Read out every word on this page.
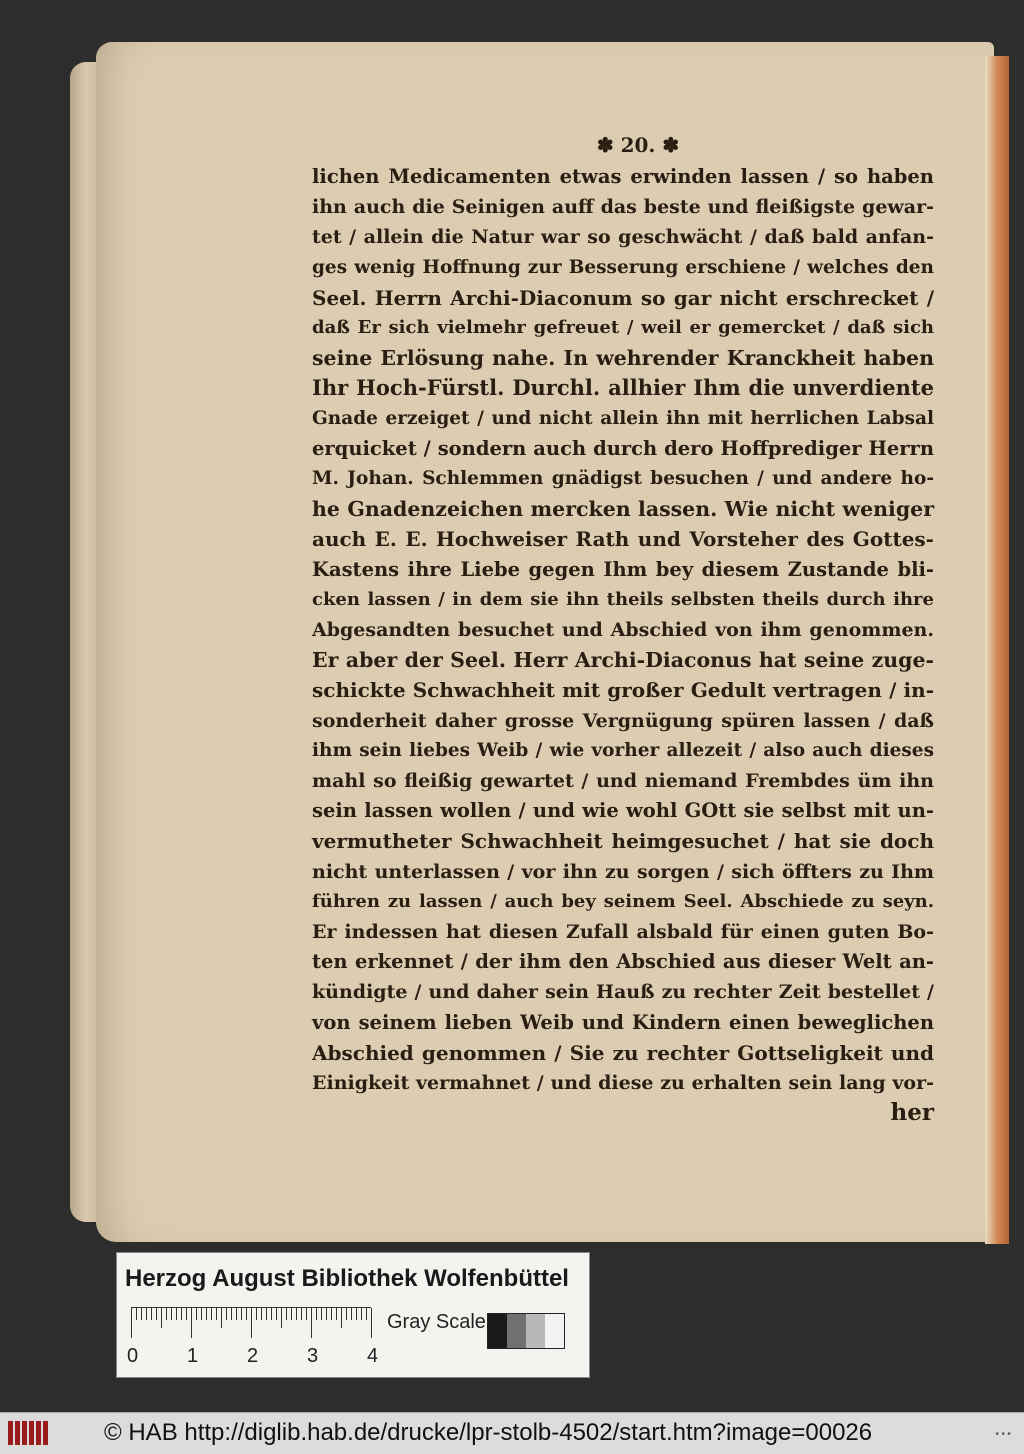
✽ 20. ✽
lichen Medicamenten etwas erwinden lassen / so haben
ihn auch die Seinigen auff das beste und fleißigste gewar-
tet / allein die Natur war so geschwächt / daß bald anfan-
ges wenig Hoffnung zur Besserung erschiene / welches den
Seel. Herrn Archi-Diaconum so gar nicht erschrecket /
daß Er sich vielmehr gefreuet / weil er gemercket / daß sich
seine Erlösung nahe. In wehrender Kranckheit haben
Ihr Hoch-Fürstl. Durchl. allhier Ihm die unverdiente
Gnade erzeiget / und nicht allein ihn mit herrlichen Labsal
erquicket / sondern auch durch dero Hoffprediger Herrn
M. Johan. Schlemmen gnädigst besuchen / und andere ho-
he Gnadenzeichen mercken lassen. Wie nicht weniger
auch E. E. Hochweiser Rath und Vorsteher des Gottes-
Kastens ihre Liebe gegen Ihm bey diesem Zustande bli-
cken lassen / in dem sie ihn theils selbsten theils durch ihre
Abgesandten besuchet und Abschied von ihm genommen.
Er aber der Seel. Herr Archi-Diaconus hat seine zuge-
schickte Schwachheit mit großer Gedult vertragen / in-
sonderheit daher grosse Vergnügung spüren lassen / daß
ihm sein liebes Weib / wie vorher allezeit / also auch dieses
mahl so fleißig gewartet / und niemand Frembdes üm ihn
sein lassen wollen / und wie wohl GOtt sie selbst mit un-
vermutheter Schwachheit heimgesuchet / hat sie doch
nicht unterlassen / vor ihn zu sorgen / sich öffters zu Ihm
führen zu lassen / auch bey seinem Seel. Abschiede zu seyn.
Er indessen hat diesen Zufall alsbald für einen guten Bo-
ten erkennet / der ihm den Abschied aus dieser Welt an-
kündigte / und daher sein Hauß zu rechter Zeit bestellet /
von seinem lieben Weib und Kindern einen beweglichen
Abschied genommen / Sie zu rechter Gottseligkeit und
Einigkeit vermahnet / und diese zu erhalten sein lang vor-
her
Herzog August Bibliothek Wolfenbüttel
0 1 2 3 4
Gray Scale
© HAB http://diglib.hab.de/drucke/lpr-stolb-4502/start.htm?image=00026	•••
